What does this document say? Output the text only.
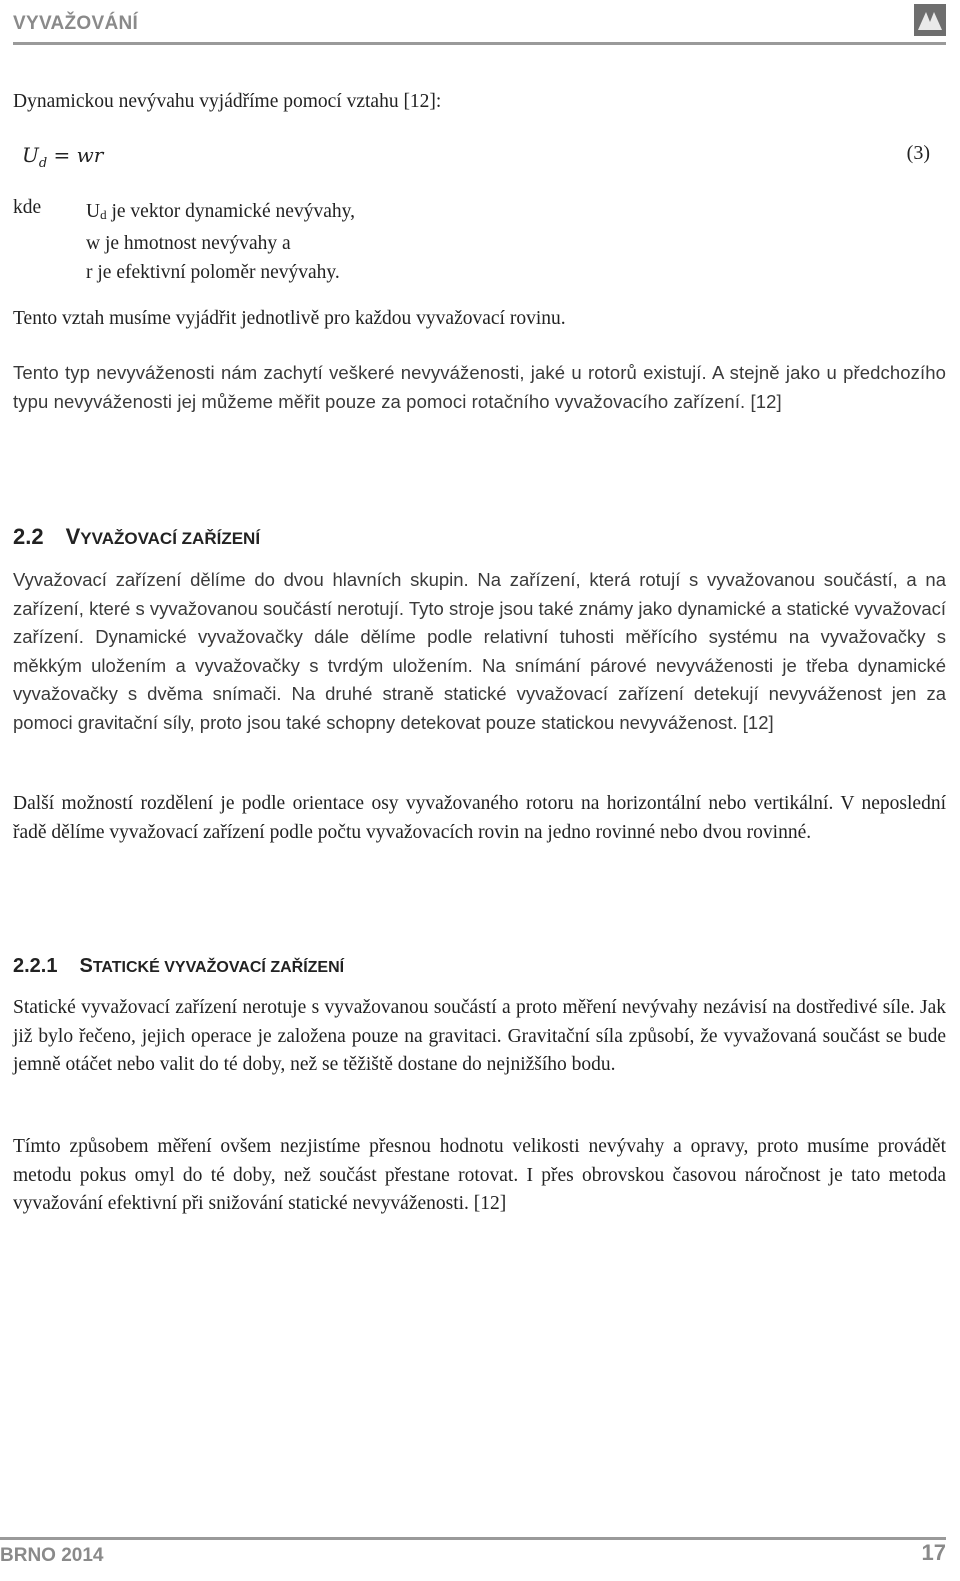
VYVAŽOVÁNÍ
Dynamickou nevývahu vyjádříme pomocí vztahu [12]:
$U_d$ = wr	(3)
kde $U_d$ je vektor dynamické nevývahy,
w je hmotnost nevývahy a
r je efektivní poloměr nevývahy.
Tento vztah musíme vyjádřit jednotlivě pro každou vyvažovací rovinu.
Tento typ nevyváženosti nám zachytí veškeré nevyváženosti, jaké u rotorů existují. A stejně jako u předchozího typu nevyváženosti jej můžeme měřit pouze za pomoci rotačního vyvažovacího zařízení. [12]
2.2 VYVAŽOVACÍ ZAŘÍZENÍ
Vyvažovací zařízení dělíme do dvou hlavních skupin. Na zařízení, která rotují s vyvažovanou součástí, a na zařízení, které s vyvažovanou součástí nerotují. Tyto stroje jsou také známy jako dynamické a statické vyvažovací zařízení. Dynamické vyvažovačky dále dělíme podle relativní tuhosti měřícího systému na vyvažovačky s měkkým uložením a vyvažovačky s tvrdým uložením. Na snímání párové nevyváženosti je třeba dynamické vyvažovačky s dvěma snímači. Na druhé straně statické vyvažovací zařízení detekují nevyváženost jen za pomoci gravitační síly, proto jsou také schopny detekovat pouze statickou nevyváženost. [12]
Další možností rozdělení je podle orientace osy vyvažovaného rotoru na horizontální nebo vertikální. V neposlední řadě dělíme vyvažovací zařízení podle počtu vyvažovacích rovin na jedno rovinné nebo dvou rovinné.
2.2.1 STATICKÉ VYVAŽOVACÍ ZAŘÍZENÍ
Statické vyvažovací zařízení nerotuje s vyvažovanou součástí a proto měření nevývahy nezávisí na dostředivé síle. Jak již bylo řečeno, jejich operace je založena pouze na gravitaci. Gravitační síla způsobí, že vyvažovaná součást se bude jemně otáčet nebo valit do té doby, než se těžiště dostane do nejnižšího bodu.
Tímto způsobem měření ovšem nezjistíme přesnou hodnotu velikosti nevývahy a opravy, proto musíme provádět metodu pokus omyl do té doby, než součást přestane rotovat. I přes obrovskou časovou náročnost je tato metoda vyvažování efektivní při snižování statické nevyváženosti. [12]
BRNO 2014	17
